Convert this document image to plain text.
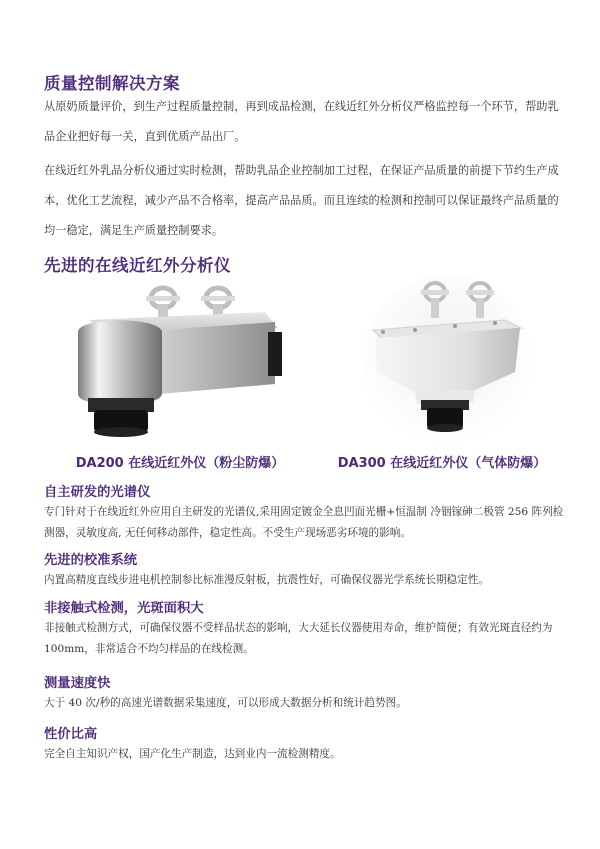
质量控制解决方案
从原奶质量评价，到生产过程质量控制，再到成品检测，在线近红外分析仪严格监控每一个环节，帮助乳品企业把好每一关，直到优质产品出厂。
在线近红外乳品分析仪通过实时检测，帮助乳品企业控制加工过程，在保证产品质量的前提下节约生产成本，优化工艺流程，减少产品不合格率，提高产品品质。而且连续的检测和控制可以保证最终产品质量的均一稳定，满足生产质量控制要求。
先进的在线近红外分析仪
DA200 在线近红外仪（粉尘防爆）	DA300 在线近红外仪（气体防爆）
自主研发的光谱仪
专门针对于在线近红外应用自主研发的光谱仪,采用固定镀金全息凹面光栅+恒温制 冷铟镓砷二极管 256 阵列检测器，灵敏度高, 无任何移动部件，稳定性高。不受生产现场恶劣环境的影响。
先进的校准系统
内置高精度直线步进电机控制参比标准漫反射板，抗震性好，可确保仪器光学系统长期稳定性。
非接触式检测，光斑面积大
非接触式检测方式，可确保仪器不受样品状态的影响，大大延长仪器使用寿命，维护简便；有效光斑直径约为 100mm，非常适合不均匀样品的在线检测。
测量速度快
大于 40 次/秒的高速光谱数据采集速度，可以形成大数据分析和统计趋势图。
性价比高
完全自主知识产权，国产化生产制造，达到业内一流检测精度。
